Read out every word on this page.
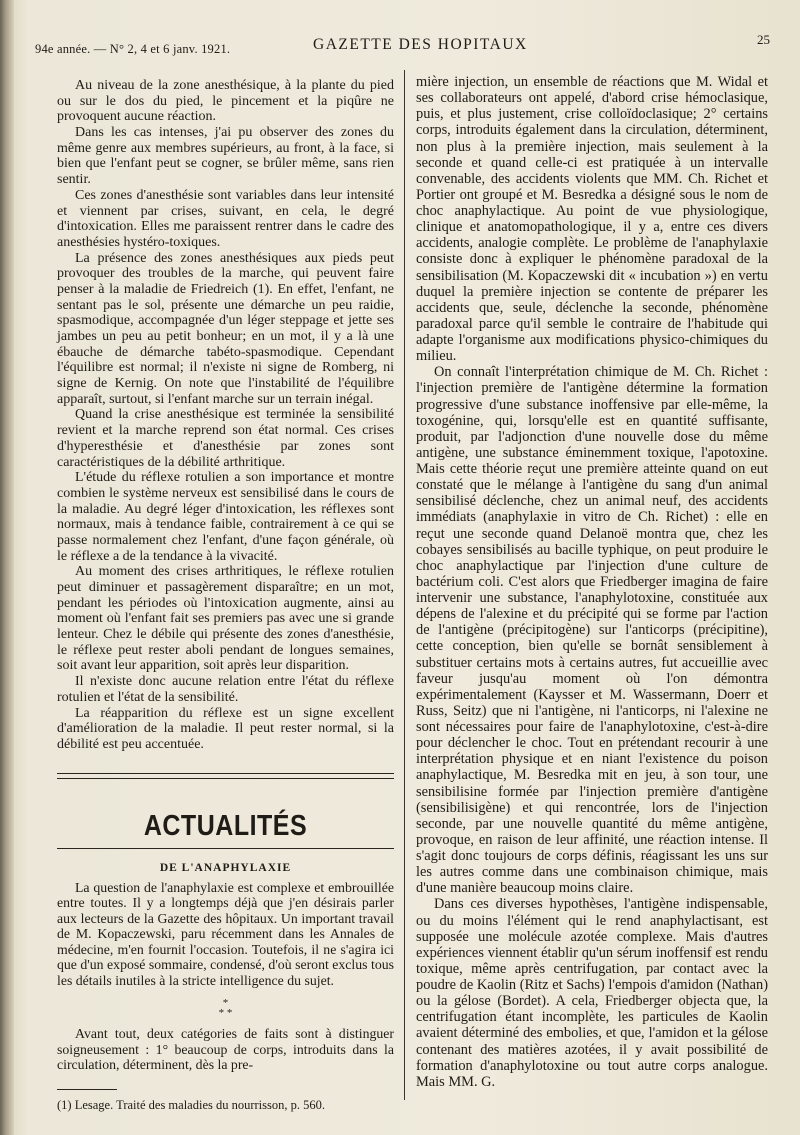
94e année. — N° 2, 4 et 6 janv. 1921.	GAZETTE DES HOPITAUX	25

Au niveau de la zone anesthésique, à la plante du pied ou sur le dos du pied, le pincement et la piqûre ne provoquent aucune réaction.

Dans les cas intenses, j'ai pu observer des zones du même genre aux membres supérieurs, au front, à la face, si bien que l'enfant peut se cogner, se brûler même, sans rien sentir.

Ces zones d'anesthésie sont variables dans leur intensité et viennent par crises, suivant, en cela, le degré d'intoxication. Elles me paraissent rentrer dans le cadre des anesthésies hystéro-toxiques.

La présence des zones anesthésiques aux pieds peut provoquer des troubles de la marche, qui peuvent faire penser à la maladie de Friedreich (1). En effet, l'enfant, ne sentant pas le sol, présente une démarche un peu raidie, spasmodique, accompagnée d'un léger steppage et jette ses jambes un peu au petit bonheur; en un mot, il y a là une ébauche de démarche tabéto-spasmodique. Cependant l'équilibre est normal; il n'existe ni signe de Romberg, ni signe de Kernig. On note que l'instabilité de l'équilibre apparaît, surtout, si l'enfant marche sur un terrain inégal.

Quand la crise anesthésique est terminée la sensibilité revient et la marche reprend son état normal. Ces crises d'hyperesthésie et d'anesthésie par zones sont caractéristiques de la débilité arthritique.

L'étude du réflexe rotulien a son importance et montre combien le système nerveux est sensibilisé dans le cours de la maladie. Au degré léger d'intoxication, les réflexes sont normaux, mais à tendance faible, contrairement à ce qui se passe normalement chez l'enfant, d'une façon générale, où le réflexe a de la tendance à la vivacité.

Au moment des crises arthritiques, le réflexe rotulien peut diminuer et passagèrement disparaître; en un mot, pendant les périodes où l'intoxication augmente, ainsi au moment où l'enfant fait ses premiers pas avec une si grande lenteur. Chez le débile qui présente des zones d'anesthésie, le réflexe peut rester aboli pendant de longues semaines, soit avant leur apparition, soit après leur disparition.

Il n'existe donc aucune relation entre l'état du réflexe rotulien et l'état de la sensibilité.

La réapparition du réflexe est un signe excellent d'amélioration de la maladie. Il peut rester normal, si la débilité est peu accentuée.

ACTUALITÉS
DE L'ANAPHYLAXIE

La question de l'anaphylaxie est complexe et embrouillée entre toutes. Il y a longtemps déjà que j'en désirais parler aux lecteurs de la Gazette des hôpitaux. Un important travail de M. Kopaczewski, paru récemment dans les Annales de médecine, m'en fournit l'occasion. Toutefois, il ne s'agira ici que d'un exposé sommaire, condensé, d'où seront exclus tous les détails inutiles à la stricte intelligence du sujet.

*
* *

Avant tout, deux catégories de faits sont à distinguer soigneusement : 1° beaucoup de corps, introduits dans la circulation, déterminent, dès la pre-

(1) Lesage. Traité des maladies du nourrisson, p. 560.

mière injection, un ensemble de réactions que M. Widal et ses collaborateurs ont appelé, d'abord crise hémoclasique, puis, et plus justement, crise colloïdoclasique; 2° certains corps, introduits également dans la circulation, déterminent, non plus à la première injection, mais seulement à la seconde et quand celle-ci est pratiquée à un intervalle convenable, des accidents violents que MM. Ch. Richet et Portier ont groupé et M. Besredka a désigné sous le nom de choc anaphylactique. Au point de vue physiologique, clinique et anatomopathologique, il y a, entre ces divers accidents, analogie complète. Le problème de l'anaphylaxie consiste donc à expliquer le phénomène paradoxal de la sensibilisation (M. Kopaczewski dit « incubation ») en vertu duquel la première injection se contente de préparer les accidents que, seule, déclenche la seconde, phénomène paradoxal parce qu'il semble le contraire de l'habitude qui adapte l'organisme aux modifications physico-chimiques du milieu.

On connaît l'interprétation chimique de M. Ch. Richet : l'injection première de l'antigène détermine la formation progressive d'une substance inoffensive par elle-même, la toxogénine, qui, lorsqu'elle est en quantité suffisante, produit, par l'adjonction d'une nouvelle dose du même antigène, une substance éminemment toxique, l'apotoxine. Mais cette théorie reçut une première atteinte quand on eut constaté que le mélange à l'antigène du sang d'un animal sensibilisé déclenche, chez un animal neuf, des accidents immédiats (anaphylaxie in vitro de Ch. Richet) : elle en reçut une seconde quand Delanoë montra que, chez les cobayes sensibilisés au bacille typhique, on peut produire le choc anaphylactique par l'injection d'une culture de bactérium coli. C'est alors que Friedberger imagina de faire intervenir une substance, l'anaphylotoxine, constituée aux dépens de l'alexine et du précipité qui se forme par l'action de l'antigène (précipitogène) sur l'anticorps (précipitine), cette conception, bien qu'elle se bornât sensiblement à substituer certains mots à certains autres, fut accueillie avec faveur jusqu'au moment où l'on démontra expérimentalement (Kaysser et M. Wassermann, Doerr et Russ, Seitz) que ni l'antigène, ni l'anticorps, ni l'alexine ne sont nécessaires pour faire de l'anaphylotoxine, c'est-à-dire pour déclencher le choc. Tout en prétendant recourir à une interprétation physique et en niant l'existence du poison anaphylactique, M. Besredka mit en jeu, à son tour, une sensibilisine formée par l'injection première d'antigène (sensibilisigène) et qui rencontrée, lors de l'injection seconde, par une nouvelle quantité du même antigène, provoque, en raison de leur affinité, une réaction intense. Il s'agit donc toujours de corps définis, réagissant les uns sur les autres comme dans une combinaison chimique, mais d'une manière beaucoup moins claire.

Dans ces diverses hypothèses, l'antigène indispensable, ou du moins l'élément qui le rend anaphylactisant, est supposée une molécule azotée complexe. Mais d'autres expériences viennent établir qu'un sérum inoffensif est rendu toxique, même après centrifugation, par contact avec la poudre de Kaolin (Ritz et Sachs) l'empois d'amidon (Nathan) ou la gélose (Bordet). A cela, Friedberger objecta que, la centrifugation étant incomplète, les particules de Kaolin avaient déterminé des embolies, et que, l'amidon et la gélose contenant des matières azotées, il y avait possibilité de formation d'anaphylotoxine ou tout autre corps analogue. Mais MM. G.
